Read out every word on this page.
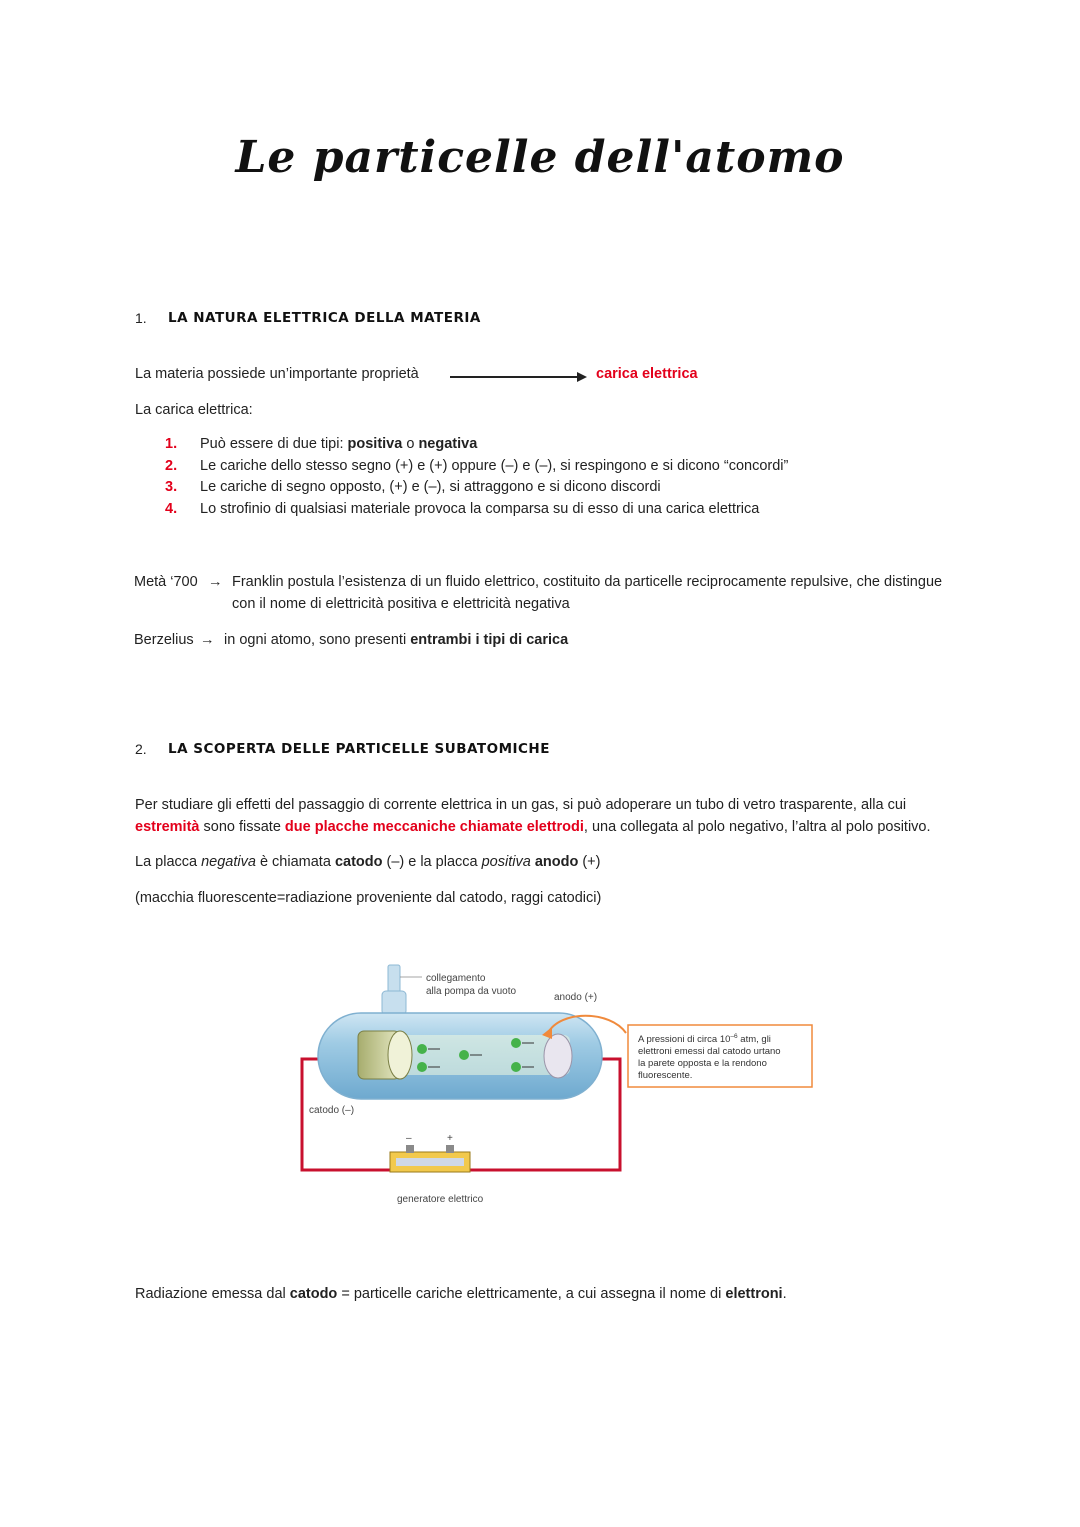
Le particelle dell'atomo
1. LA NATURA ELETTRICA DELLA MATERIA
La materia possiede un’importante proprietà	carica elettrica
La carica elettrica:
1. Può essere di due tipi: positiva o negativa
2. Le cariche dello stesso segno (+) e (+) oppure (–) e (–), si respingono e si dicono “concordi”
3. Le cariche di segno opposto, (+) e (–), si attraggono e si dicono discordi
4. Lo strofinio di qualsiasi materiale provoca la comparsa su di esso di una carica elettrica
Metà ‘700 → Franklin postula l’esistenza di un fluido elettrico, costituito da particelle reciprocamente repulsive, che distingue
con il nome di elettricità positiva e elettricità negativa
Berzelius → in ogni atomo, sono presenti entrambi i tipi di carica
2. LA SCOPERTA DELLE PARTICELLE SUBATOMICHE
Per studiare gli effetti del passaggio di corrente elettrica in un gas, si può adoperare un tubo di vetro trasparente, alla cui
estremità sono fissate due placche meccaniche chiamate elettrodi, una collegata al polo negativo, l’altra al polo positivo.
La placca negativa è chiamata catodo (–) e la placca positiva anodo (+)
(macchia fluorescente=radiazione proveniente dal catodo, raggi catodici)
collegamento
alla pompa da vuoto
anodo (+)
catodo (–)
–	+
generatore elettrico
A pressioni di circa $10^{-6}$ atm, gli
elettroni emessi dal catodo urtano
la parete opposta e la rendono
fluorescente.
Radiazione emessa dal catodo = particelle cariche elettricamente, a cui assegna il nome di elettroni.
